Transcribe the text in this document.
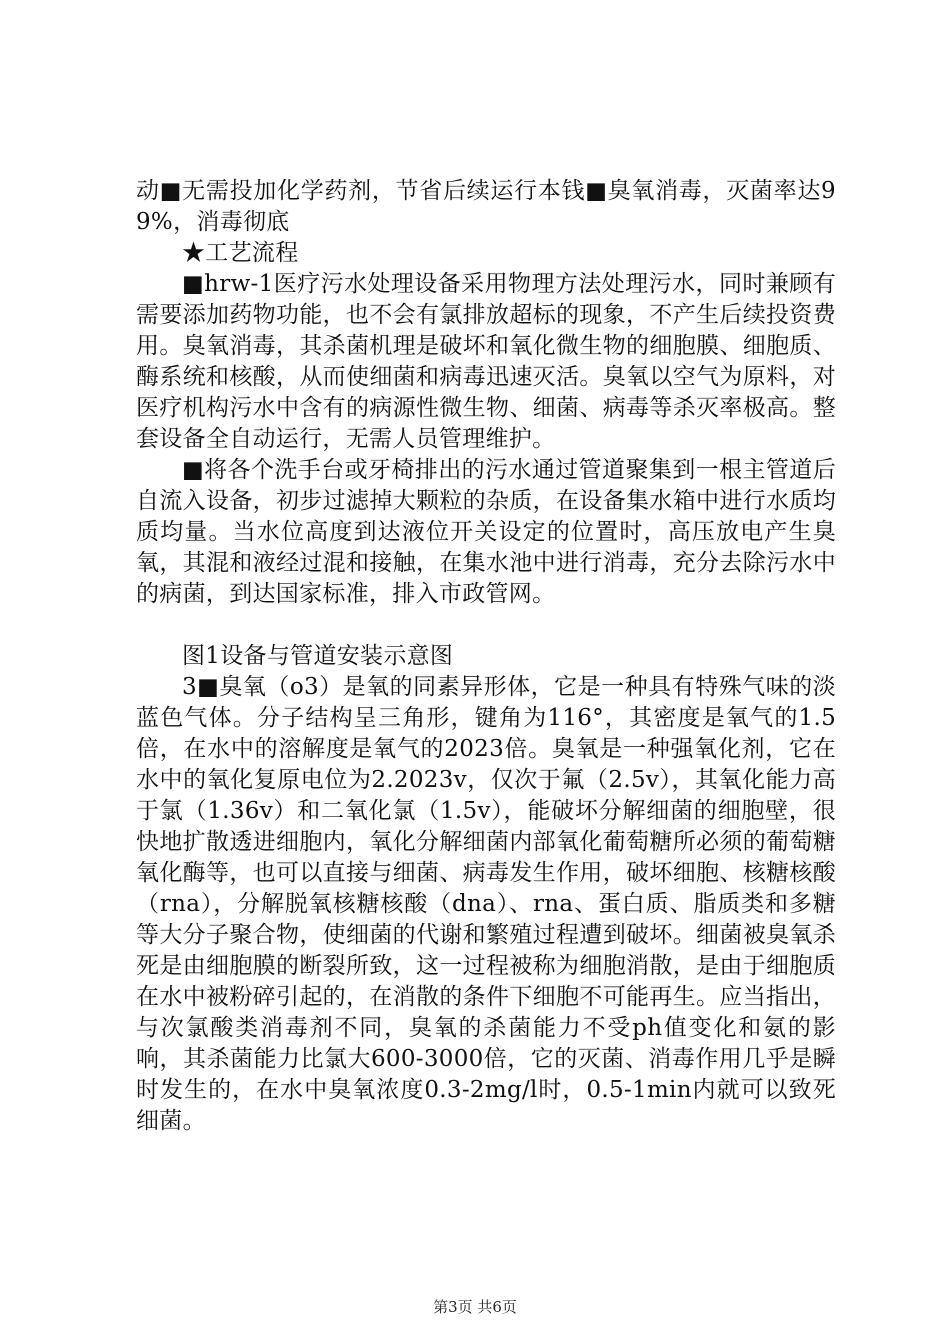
动■无需投加化学药剂，节省后续运行本钱■臭氧消毒，灭菌率达99%，消毒彻底

★工艺流程

■hrw-1医疗污水处理设备采用物理方法处理污水，同时兼顾有需要添加药物功能，也不会有氯排放超标的现象，不产生后续投资费用。臭氧消毒，其杀菌机理是破坏和氧化微生物的细胞膜、细胞质、酶系统和核酸，从而使细菌和病毒迅速灭活。臭氧以空气为原料，对医疗机构污水中含有的病源性微生物、细菌、病毒等杀灭率极高。整套设备全自动运行，无需人员管理维护。

■将各个洗手台或牙椅排出的污水通过管道聚集到一根主管道后自流入设备，初步过滤掉大颗粒的杂质，在设备集水箱中进行水质均质均量。当水位高度到达液位开关设定的位置时，高压放电产生臭氧，其混和液经过混和接触，在集水池中进行消毒，充分去除污水中的病菌，到达国家标准，排入市政管网。

图1设备与管道安装示意图

3■臭氧（o3）是氧的同素异形体，它是一种具有特殊气味的淡蓝色气体。分子结构呈三角形，键角为116°，其密度是氧气的1.5倍，在水中的溶解度是氧气的2023倍。臭氧是一种强氧化剂，它在水中的氧化复原电位为2.2023v，仅次于氟（2.5v），其氧化能力高于氯（1.36v）和二氧化氯（1.5v），能破坏分解细菌的细胞壁，很快地扩散透进细胞内，氧化分解细菌内部氧化葡萄糖所必须的葡萄糖氧化酶等，也可以直接与细菌、病毒发生作用，破坏细胞、核糖核酸（rna），分解脱氧核糖核酸（dna）、rna、蛋白质、脂质类和多糖等大分子聚合物，使细菌的代谢和繁殖过程遭到破坏。细菌被臭氧杀死是由细胞膜的断裂所致，这一过程被称为细胞消散，是由于细胞质在水中被粉碎引起的，在消散的条件下细胞不可能再生。应当指出，与次氯酸类消毒剂不同，臭氧的杀菌能力不受ph值变化和氨的影响，其杀菌能力比氯大600-3000倍，它的灭菌、消毒作用几乎是瞬时发生的，在水中臭氧浓度0.3-2mg/l时，0.5-1min内就可以致死细菌。

第3页 共6页
